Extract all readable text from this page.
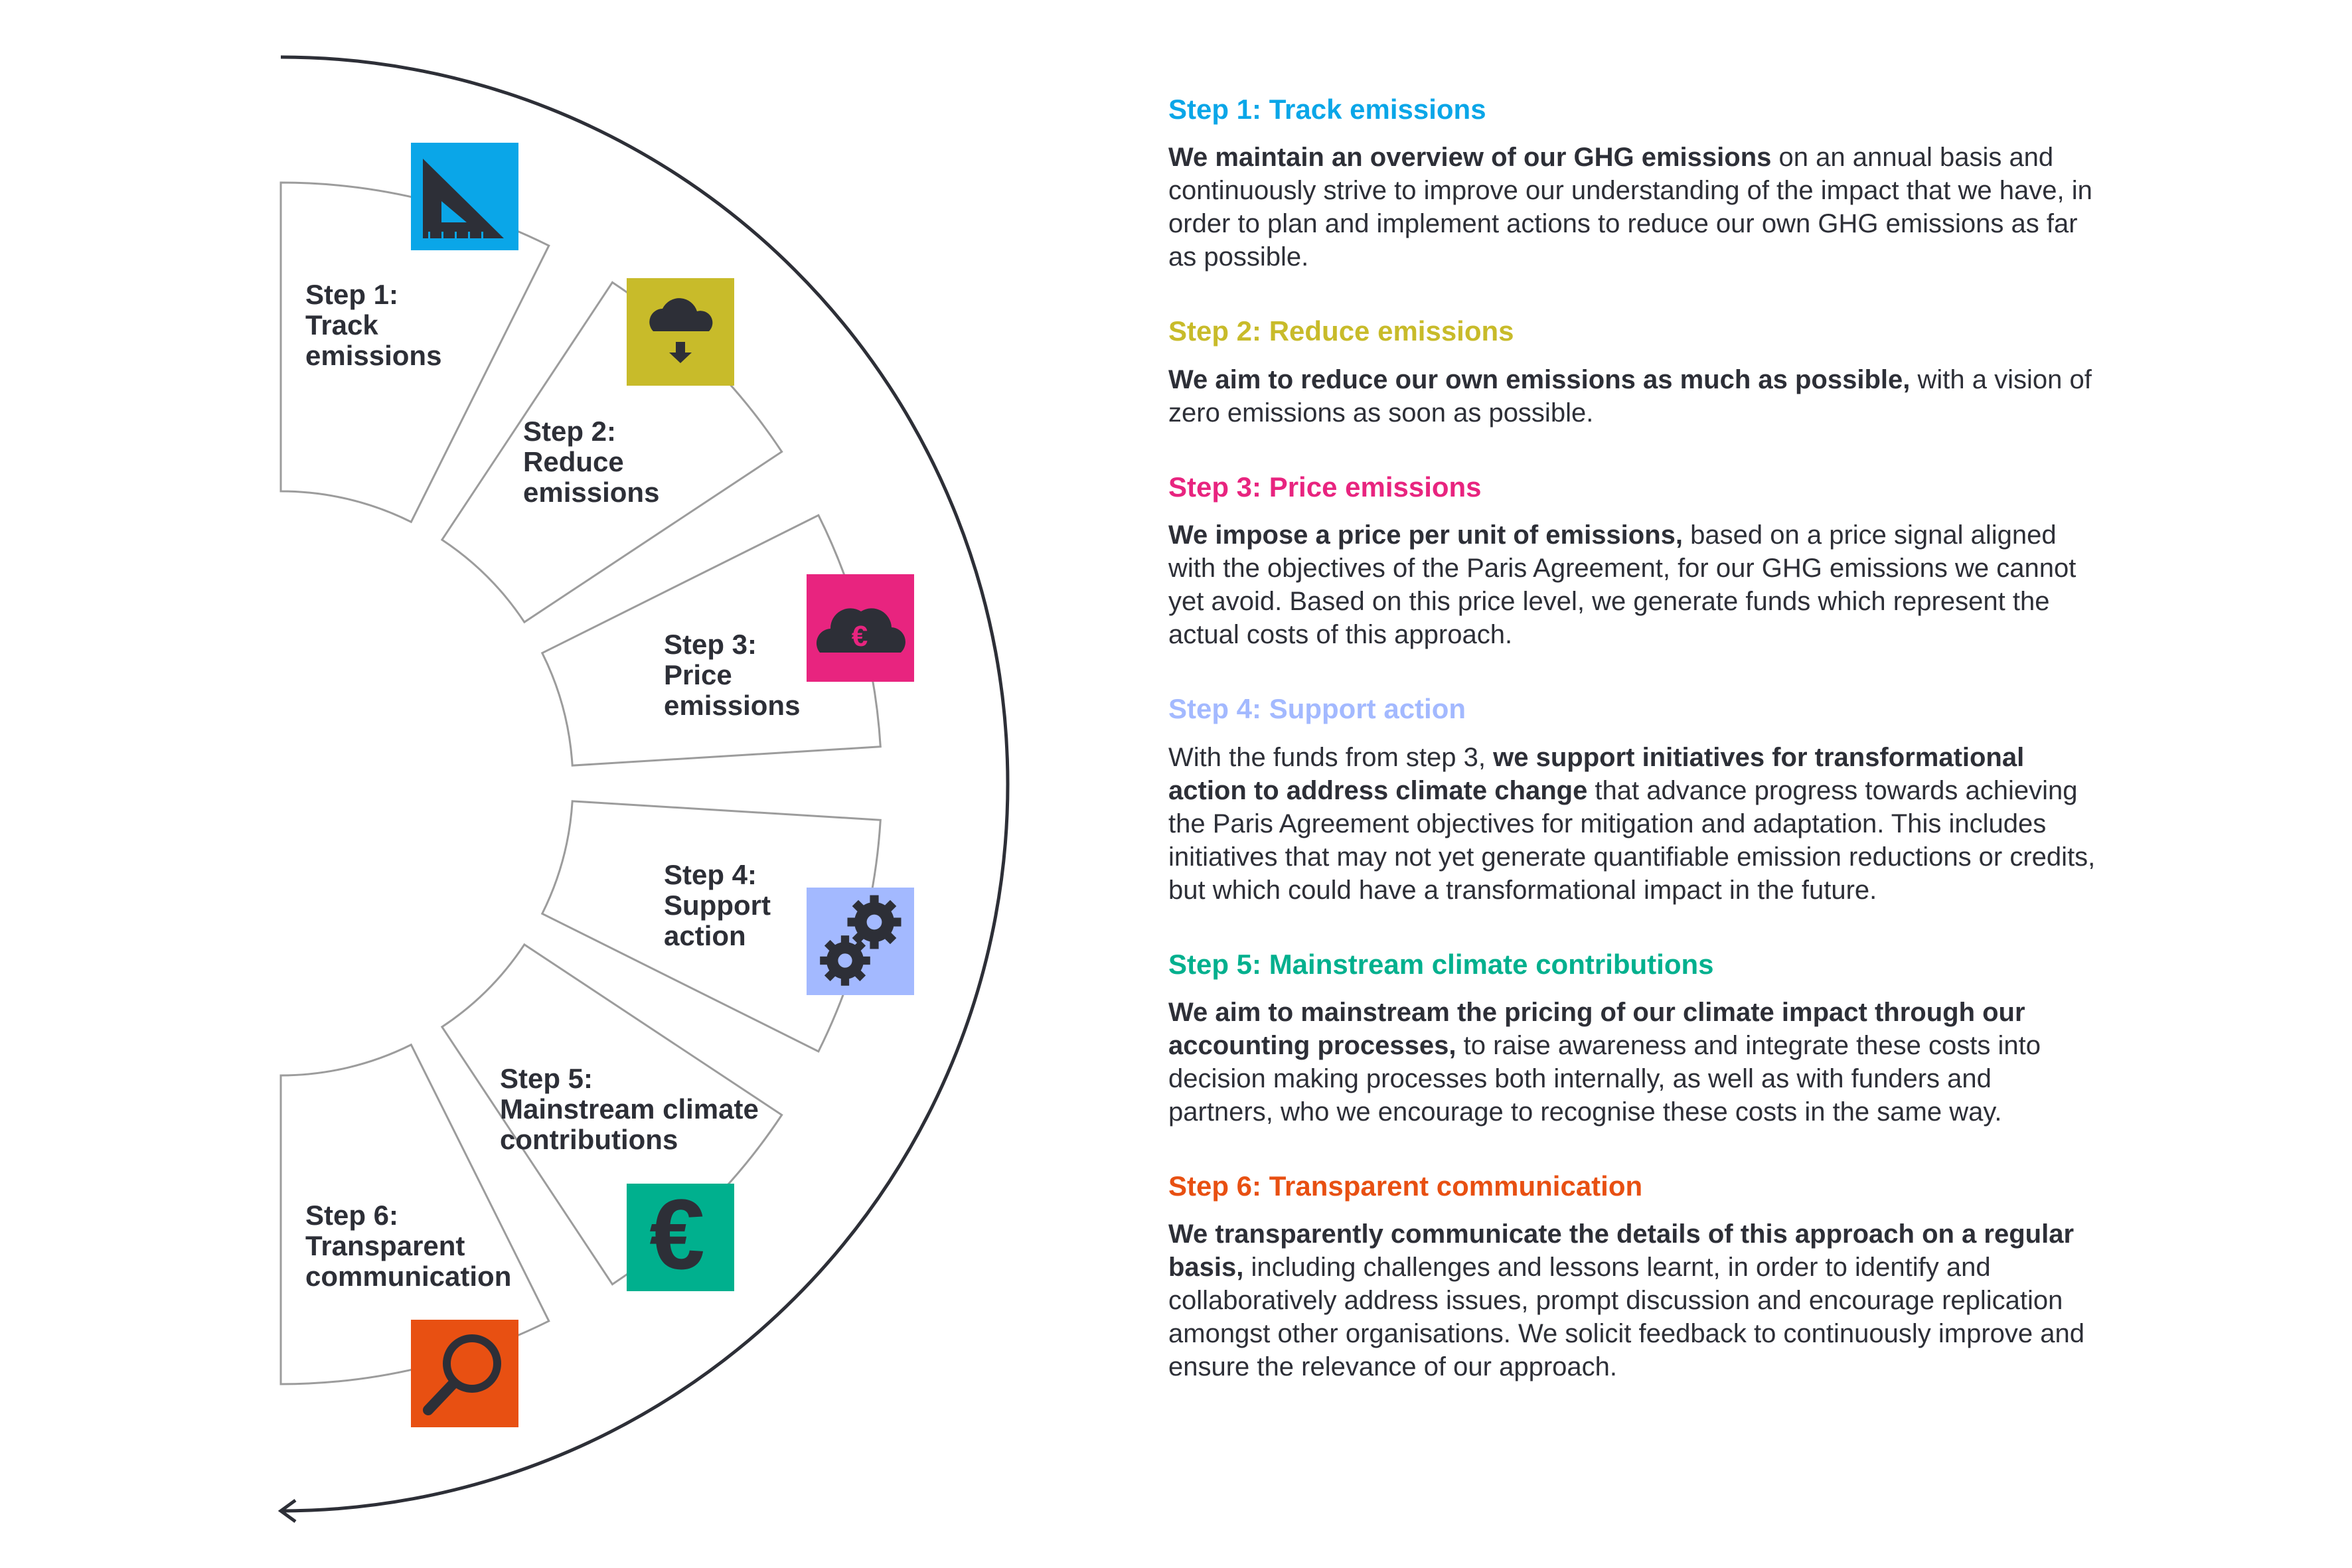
€
€
Step 1: Track emissions
Step 2: Reduce emissions
Step 3: Price emissions
Step 4: Support action
Step 5: Mainstream climate contributions
Step 6: Transparent communication
Step 1: Track emissions

We maintain an overview of our GHG emissions on an annual basis and continuously strive to improve our understanding of the impact that we have, in order to plan and implement actions to reduce our own GHG emissions as far as possible.

Step 2: Reduce emissions

We aim to reduce our own emissions as much as possible, with a vision of zero emissions as soon as possible.

Step 3: Price emissions

We impose a price per unit of emissions, based on a price signal aligned with the objectives of the Paris Agreement, for our GHG emissions we cannot yet avoid. Based on this price level, we generate funds which represent the actual costs of this approach.

Step 4: Support action

With the funds from step 3, we support initiatives for transformational action to address climate change that advance progress towards achieving the Paris Agreement objectives for mitigation and adaptation. This includes initiatives that may not yet generate quantifiable emission reductions or credits, but which could have a transformational impact in the future.

Step 5: Mainstream climate contributions

We aim to mainstream the pricing of our climate impact through our accounting processes, to raise awareness and integrate these costs into decision making processes both internally, as well as with funders and partners, who we encourage to recognise these costs in the same way.

Step 6: Transparent communication

We transparently communicate the details of this approach on a regular basis, including challenges and lessons learnt, in order to identify and collaboratively address issues, prompt discussion and encourage replication amongst other organisations. We solicit feedback to continuously improve and ensure the relevance of our approach.
